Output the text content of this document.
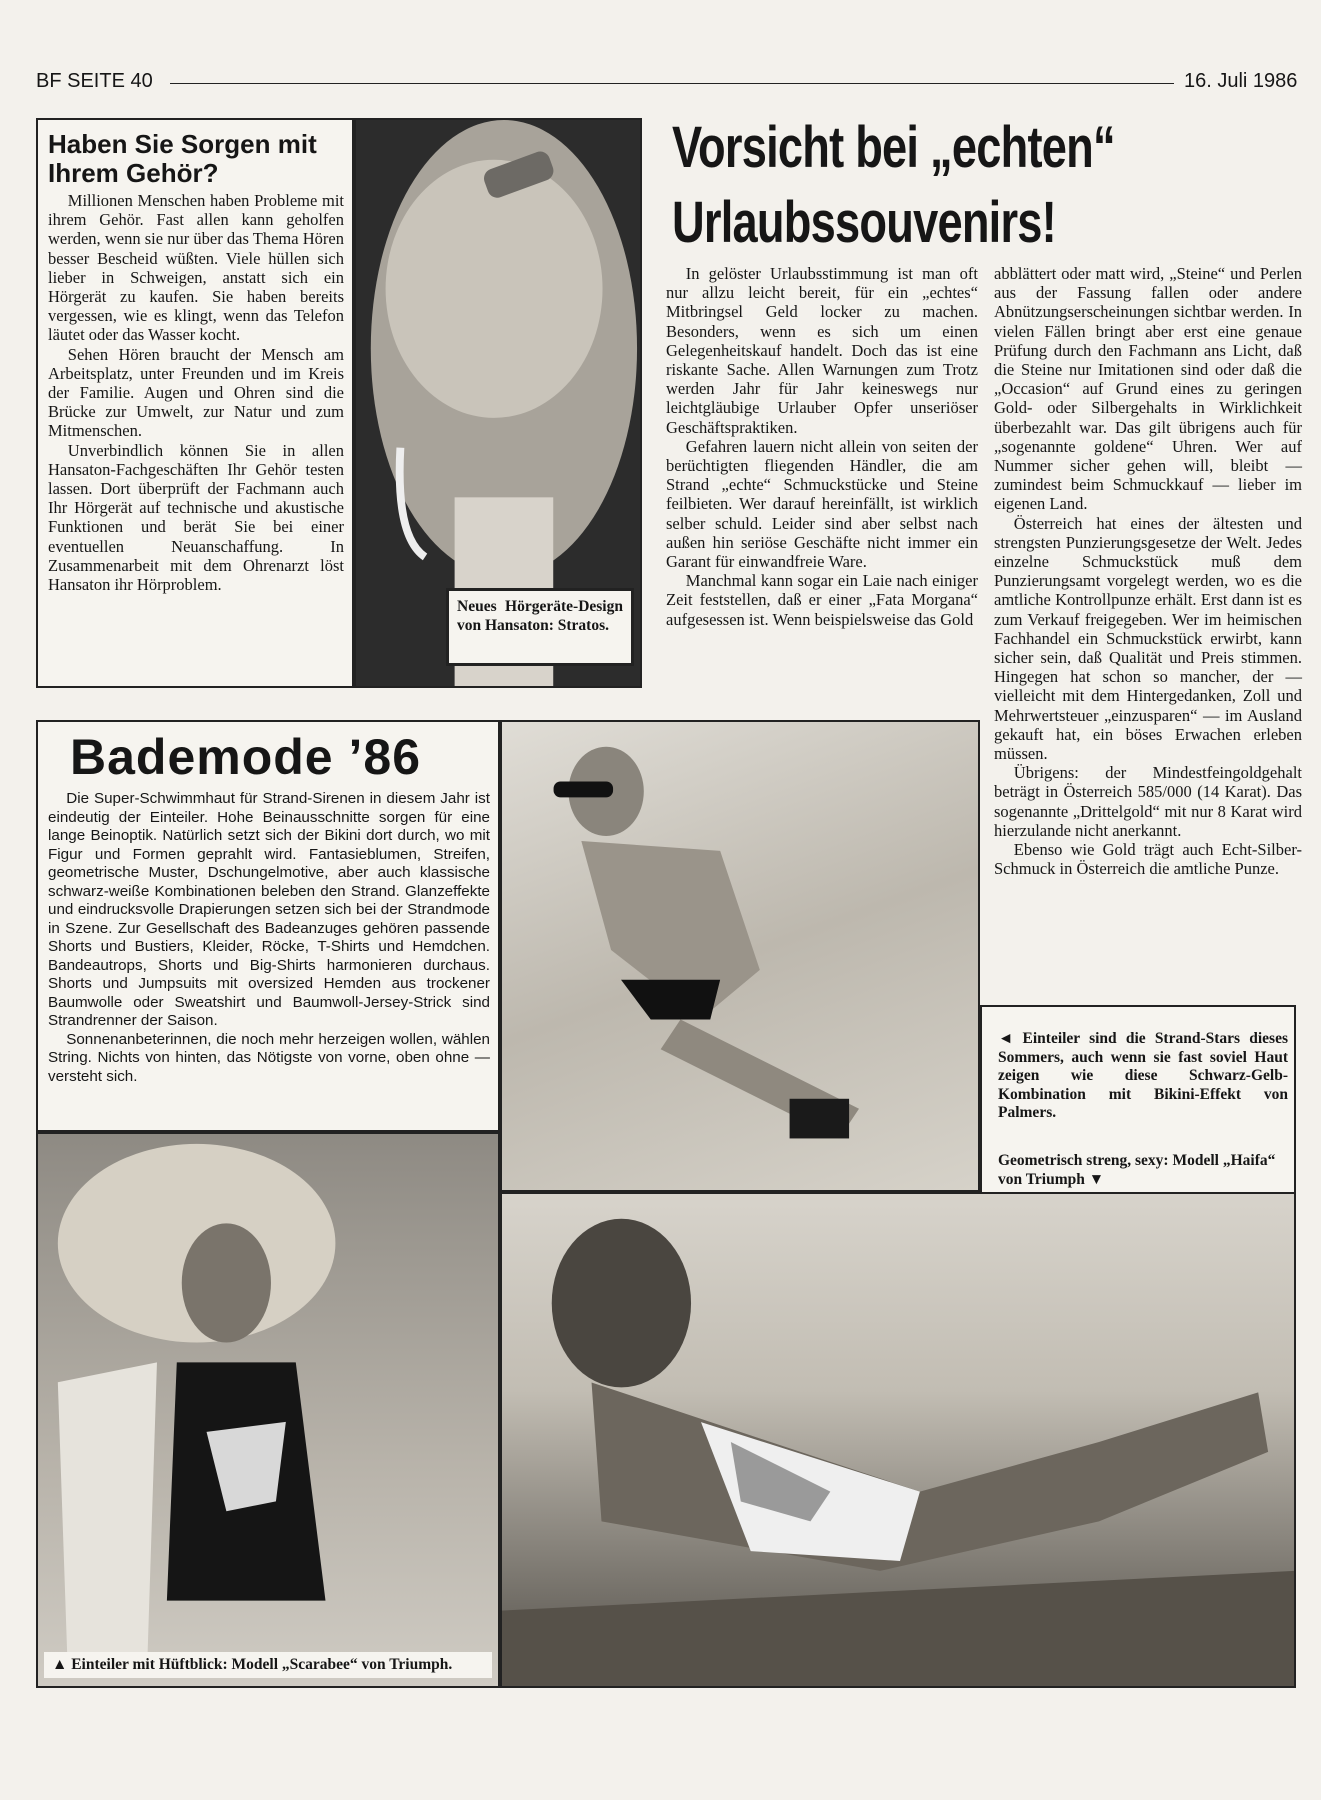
BF SEITE 40	16. Juli 1986
Haben Sie Sorgen mit Ihrem Gehör?

Millionen Menschen haben Probleme mit ihrem Gehör. Fast allen kann geholfen werden, wenn sie nur über das Thema Hören besser Bescheid wüßten. Viele hüllen sich lieber in Schweigen, anstatt sich ein Hörgerät zu kaufen. Sie haben bereits vergessen, wie es klingt, wenn das Telefon läutet oder das Wasser kocht.

Sehen Hören braucht der Mensch am Arbeitsplatz, unter Freunden und im Kreis der Familie. Augen und Ohren sind die Brücke zur Umwelt, zur Natur und zum Mitmenschen.

Unverbindlich können Sie in allen Hansaton-Fachgeschäften Ihr Gehör testen lassen. Dort überprüft der Fachmann auch Ihr Hörgerät auf technische und akustische Funktionen und berät Sie bei einer eventuellen Neuanschaffung. In Zusammenarbeit mit dem Ohrenarzt löst Hansaton ihr Hörproblem.

Neues Hörgeräte-Design von Hansaton: Stratos.
Vorsicht bei „echten“
Urlaubssouvenirs!

In gelöster Urlaubsstimmung ist man oft nur allzu leicht bereit, für ein „echtes“ Mitbringsel Geld locker zu machen. Besonders, wenn es sich um einen Gelegenheitskauf handelt. Doch das ist eine riskante Sache. Allen Warnungen zum Trotz werden Jahr für Jahr keineswegs nur leichtgläubige Urlauber Opfer unseriöser Geschäftspraktiken.

Gefahren lauern nicht allein von seiten der berüchtigten fliegenden Händler, die am Strand „echte“ Schmuckstücke und Steine feilbieten. Wer darauf hereinfällt, ist wirklich selber schuld. Leider sind aber selbst nach außen hin seriöse Geschäfte nicht immer ein Garant für einwandfreie Ware.

Manchmal kann sogar ein Laie nach einiger Zeit feststellen, daß er einer „Fata Morgana“ aufgesessen ist. Wenn beispielsweise das Gold

abblättert oder matt wird, „Steine“ und Perlen aus der Fassung fallen oder andere Abnützungserscheinungen sichtbar werden. In vielen Fällen bringt aber erst eine genaue Prüfung durch den Fachmann ans Licht, daß die Steine nur Imitationen sind oder daß die „Occasion“ auf Grund eines zu geringen Gold- oder Silbergehalts in Wirklichkeit überbezahlt war. Das gilt übrigens auch für „sogenannte goldene“ Uhren. Wer auf Nummer sicher gehen will, bleibt — zumindest beim Schmuckkauf — lieber im eigenen Land.

Österreich hat eines der ältesten und strengsten Punzierungsgesetze der Welt. Jedes einzelne Schmuckstück muß dem Punzierungsamt vorgelegt werden, wo es die amtliche Kontrollpunze erhält. Erst dann ist es zum Verkauf freigegeben. Wer im heimischen Fachhandel ein Schmuckstück erwirbt, kann sicher sein, daß Qualität und Preis stimmen. Hingegen hat schon so mancher, der — vielleicht mit dem Hintergedanken, Zoll und Mehrwertsteuer „einzusparen“ — im Ausland gekauft hat, ein böses Erwachen erleben müssen.

Übrigens: der Mindestfeingoldgehalt beträgt in Österreich 585/000 (14 Karat). Das sogenannte „Drittelgold“ mit nur 8 Karat wird hierzulande nicht anerkannt.

Ebenso wie Gold trägt auch Echt-Silber-Schmuck in Österreich die amtliche Punze.

Bademode ’86

Die Super-Schwimmhaut für Strand-Sirenen in diesem Jahr ist eindeutig der Einteiler. Hohe Beinausschnitte sorgen für eine lange Beinoptik. Natürlich setzt sich der Bikini dort durch, wo mit Figur und Formen geprahlt wird. Fantasieblumen, Streifen, geometrische Muster, Dschungelmotive, aber auch klassische schwarz-weiße Kombinationen beleben den Strand. Glanzeffekte und eindrucksvolle Drapierungen setzen sich bei der Strandmode in Szene. Zur Gesellschaft des Badeanzuges gehören passende Shorts und Bustiers, Kleider, Röcke, T-Shirts und Hemdchen. Bandeautrops, Shorts und Big-Shirts harmonieren durchaus. Shorts und Jumpsuits mit oversized Hemden aus trockener Baumwolle oder Sweatshirt und Baumwoll-Jersey-Strick sind Strandrenner der Saison.

Sonnenanbeterinnen, die noch mehr herzeigen wollen, wählen String. Nichts von hinten, das Nötigste von vorne, oben ohne — versteht sich.

◄ Einteiler sind die Strand-Stars dieses Sommers, auch wenn sie fast soviel Haut zeigen wie diese Schwarz-Gelb-Kombination mit Bikini-Effekt von Palmers.
Geometrisch streng, sexy: Modell „Haifa“ von Triumph ▼
▲ Einteiler mit Hüftblick: Modell „Scarabee“ von Triumph.
